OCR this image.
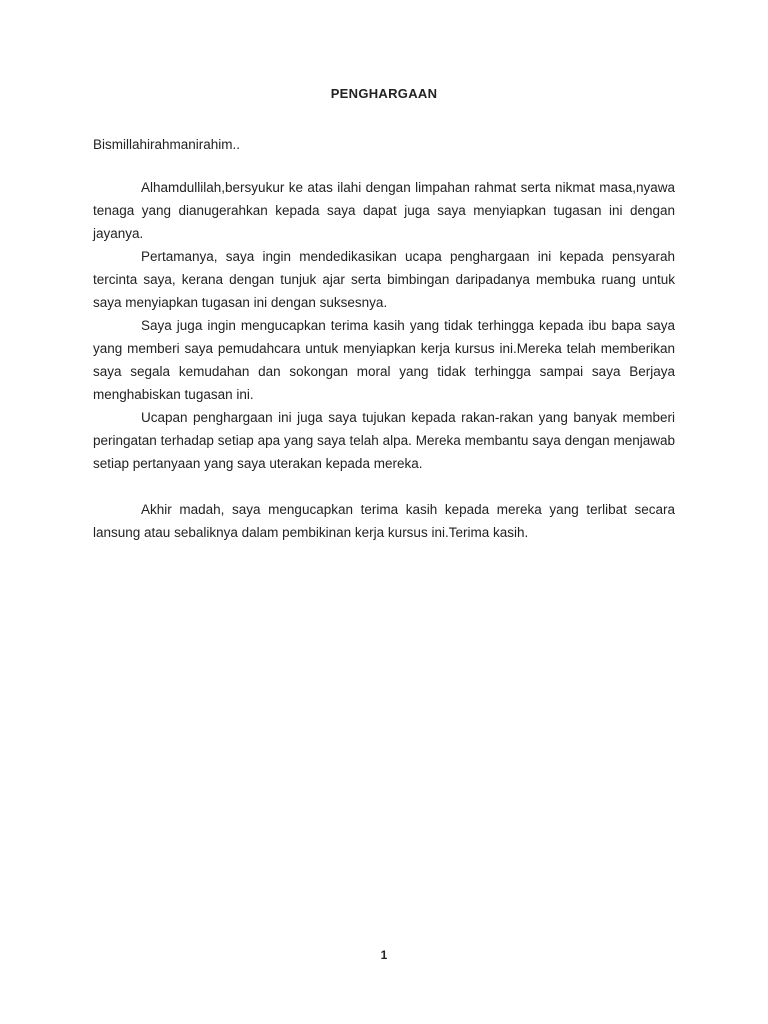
PENGHARGAAN

Bismillahirahmanirahim..

Alhamdullilah,bersyukur ke atas ilahi dengan limpahan rahmat serta nikmat masa,nyawa tenaga yang dianugerahkan kepada saya dapat juga saya menyiapkan tugasan ini dengan jayanya.

Pertamanya, saya ingin mendedikasikan ucapa penghargaan ini kepada pensyarah tercinta saya, kerana dengan tunjuk ajar serta bimbingan daripadanya membuka ruang untuk saya menyiapkan tugasan ini dengan suksesnya.

Saya juga ingin mengucapkan terima kasih yang tidak terhingga kepada ibu bapa saya yang memberi saya pemudahcara untuk menyiapkan kerja kursus ini.Mereka telah memberikan saya segala kemudahan dan sokongan moral yang tidak terhingga sampai saya Berjaya menghabiskan tugasan ini.

Ucapan penghargaan ini juga saya tujukan kepada rakan-rakan yang banyak memberi peringatan terhadap setiap apa yang saya telah alpa. Mereka membantu saya dengan menjawab setiap pertanyaan yang saya uterakan kepada mereka.

Akhir madah, saya mengucapkan terima kasih kepada mereka yang terlibat secara lansung atau sebaliknya dalam pembikinan kerja kursus ini.Terima kasih.

1
